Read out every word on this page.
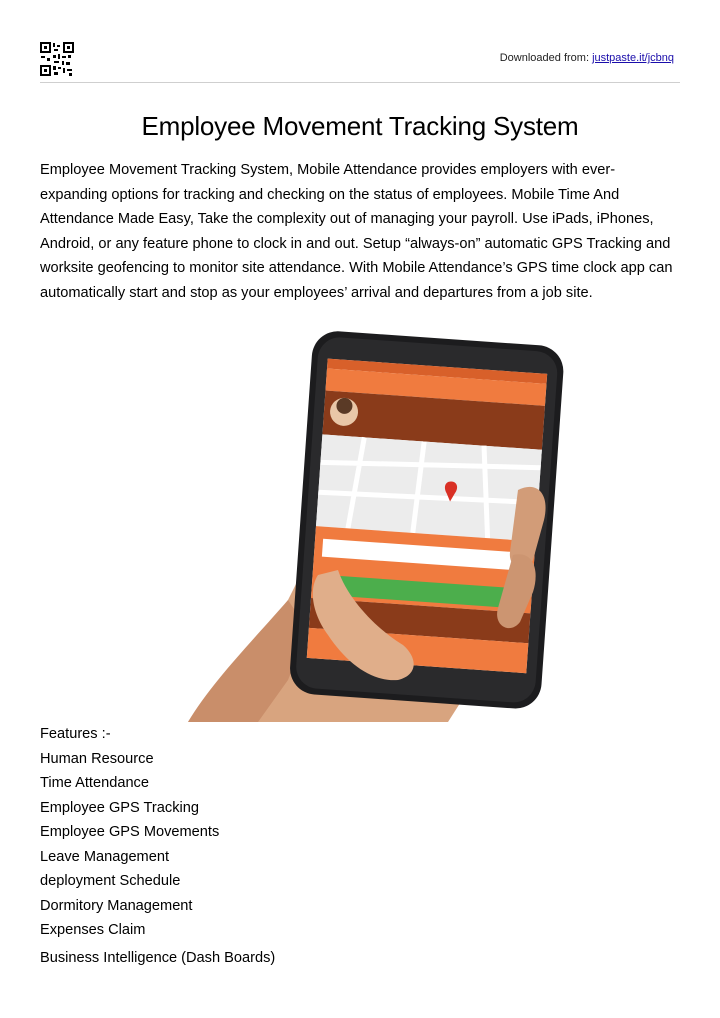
Downloaded from: justpaste.it/jcbnq
Employee Movement Tracking System

Employee Movement Tracking System, Mobile Attendance provides employers with ever-expanding options for tracking and checking on the status of employees. Mobile Time And Attendance Made Easy, Take the complexity out of managing your payroll. Use iPads, iPhones, Android, or any feature phone to clock in and out. Setup “always-on” automatic GPS Tracking and worksite geofencing to monitor site attendance. With Mobile Attendance’s GPS time clock app can automatically start and stop as your employees’ arrival and departures from a job site.

Features :-
Human Resource
Time Attendance
Employee GPS Tracking
Employee GPS Movements
Leave Management
deployment Schedule
Dormitory Management
Expenses Claim
Business Intelligence (Dash Boards)
